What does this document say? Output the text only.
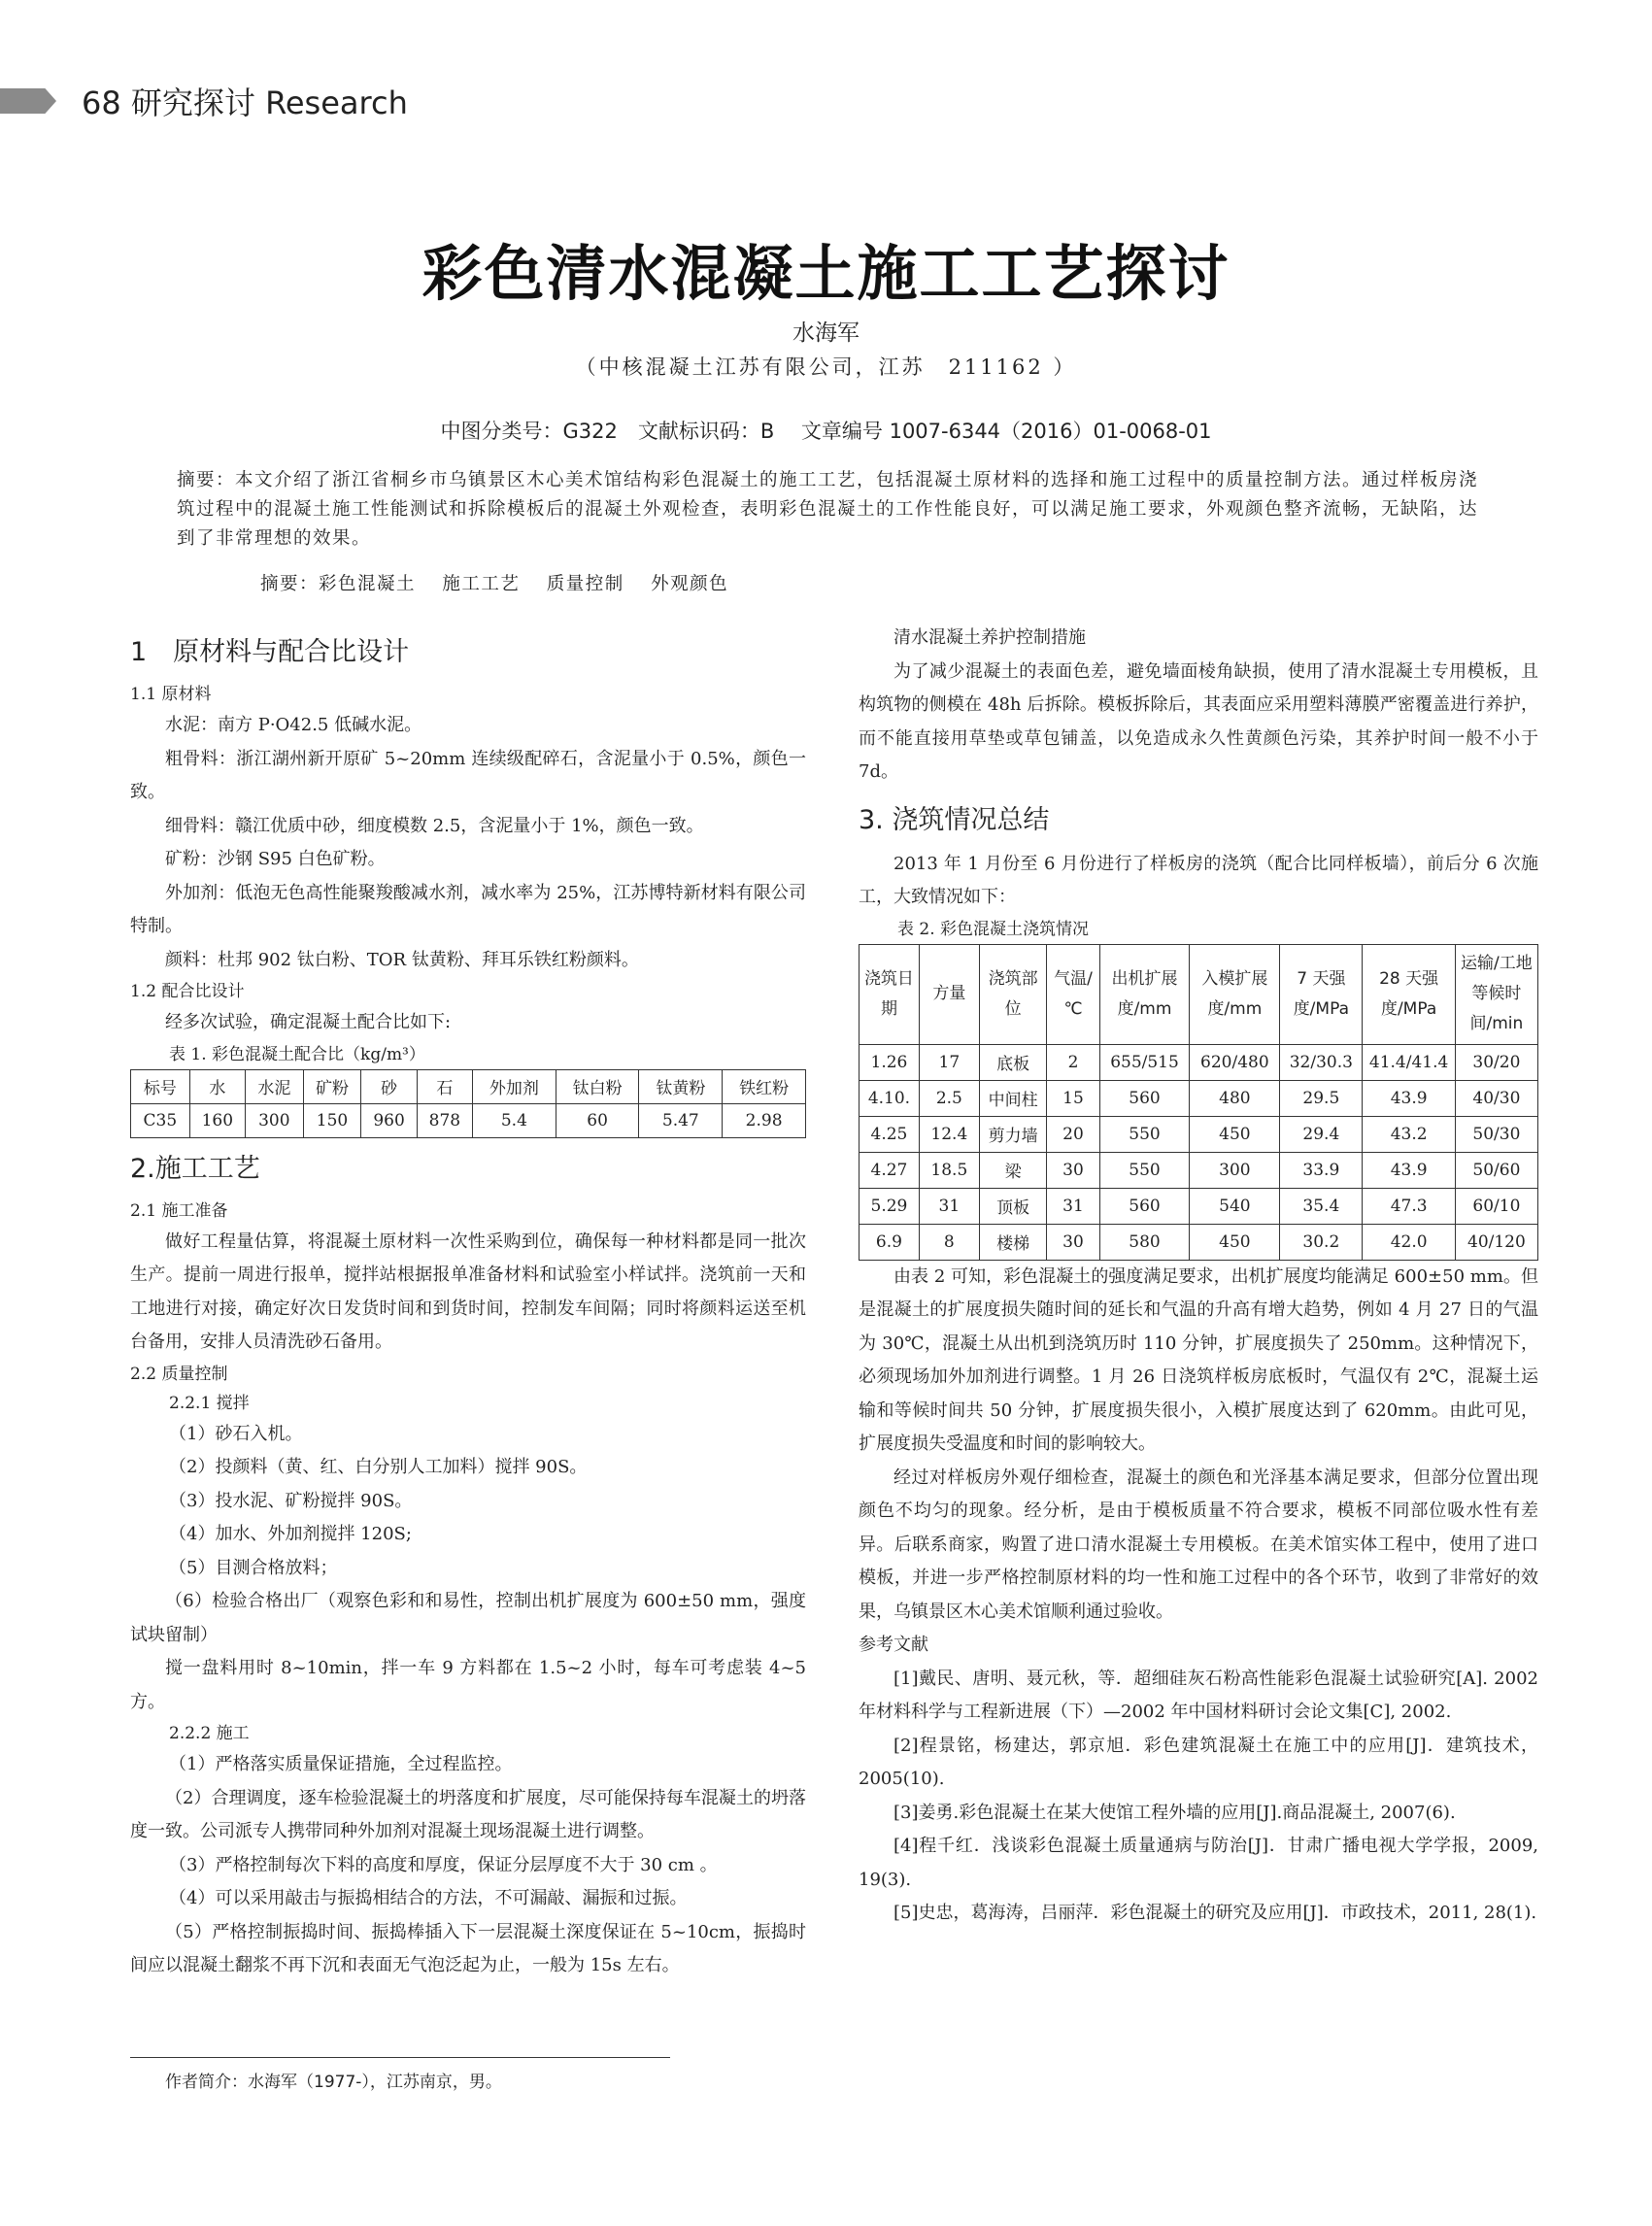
68 研究探讨 Research
彩色清水混凝土施工工艺探讨
水海军
（中核混凝土江苏有限公司，江苏　211162 ）
中图分类号：G322　文献标识码：B　 文章编号 1007-6344（2016）01-0068-01

摘要：本文介绍了浙江省桐乡市乌镇景区木心美术馆结构彩色混凝土的施工工艺，包括混凝土原材料的选择和施工过程中的质量控制方法。通过样板房浇筑过程中的混凝土施工性能测试和拆除模板后的混凝土外观检查，表明彩色混凝土的工作性能良好，可以满足施工要求，外观颜色整齐流畅，无缺陷，达到了非常理想的效果。

摘要：彩色混凝土　 施工工艺　 质量控制　 外观颜色
1　原材料与配合比设计
1.1 原材料

水泥：南方 P·O42.5 低碱水泥。

粗骨料：浙江湖州新开原矿 5~20mm 连续级配碎石，含泥量小于 0.5%，颜色一致。

细骨料：赣江优质中砂，细度模数 2.5，含泥量小于 1%，颜色一致。

矿粉：沙钢 S95 白色矿粉。

外加剂：低泡无色高性能聚羧酸减水剂，减水率为 25%，江苏博特新材料有限公司特制。

颜料：杜邦 902 钛白粉、TOR 钛黄粉、拜耳乐铁红粉颜料。

1.2 配合比设计

经多次试验，确定混凝土配合比如下:

表 1. 彩色混凝土配合比（kg/m³）
标号	水	水泥	矿粉	砂	石	外加剂	钛白粉	钛黄粉	铁红粉
C35	160	300	150	960	878	5.4	60	5.47	2.98
2.施工工艺
2.1 施工准备

做好工程量估算，将混凝土原材料一次性采购到位，确保每一种材料都是同一批次生产。提前一周进行报单，搅拌站根据报单准备材料和试验室小样试拌。浇筑前一天和工地进行对接，确定好次日发货时间和到货时间，控制发车间隔；同时将颜料运送至机台备用，安排人员清洗砂石备用。

2.2 质量控制
2.2.1 搅拌

（1）砂石入机。

（2）投颜料（黄、红、白分别人工加料）搅拌 90S。

（3）投水泥、矿粉搅拌 90S。

（4）加水、外加剂搅拌 120S;

（5）目测合格放料；

（6）检验合格出厂（观察色彩和和易性，控制出机扩展度为 600±50 mm，强度试块留制）

搅一盘料用时 8~10min，拌一车 9 方料都在 1.5~2 小时，每车可考虑装 4~5 方。

2.2.2 施工

（1）严格落实质量保证措施，全过程监控。

（2）合理调度，逐车检验混凝土的坍落度和扩展度，尽可能保持每车混凝土的坍落度一致。公司派专人携带同种外加剂对混凝土现场混凝土进行调整。

（3）严格控制每次下料的高度和厚度，保证分层厚度不大于 30 cm 。

（4）可以采用敲击与振捣相结合的方法，不可漏敲、漏振和过振。

（5）严格控制振捣时间、振捣棒插入下一层混凝土深度保证在 5~10cm，振捣时间应以混凝土翻浆不再下沉和表面无气泡泛起为止，一般为 15s 左右。

清水混凝土养护控制措施

为了减少混凝土的表面色差，避免墙面棱角缺损，使用了清水混凝土专用模板，且构筑物的侧模在 48h 后拆除。模板拆除后，其表面应采用塑料薄膜严密覆盖进行养护，而不能直接用草垫或草包铺盖，以免造成永久性黄颜色污染，其养护时间一般不小于 7d。

3. 浇筑情况总结

2013 年 1 月份至 6 月份进行了样板房的浇筑（配合比同样板墙），前后分 6 次施工，大致情况如下：

表 2. 彩色混凝土浇筑情况
浇筑日期	方量	浇筑部位	气温/℃	出机扩展度/mm	入模扩展度/mm	7 天强度/MPa	28 天强度/MPa	运输/工地等候时间/min
1.26	17	底板	2	655/515	620/480	32/30.3	41.4/41.4	30/20
4.10.	2.5	中间柱	15	560	480	29.5	43.9	40/30
4.25	12.4	剪力墙	20	550	450	29.4	43.2	50/30
4.27	18.5	梁	30	550	300	33.9	43.9	50/60
5.29	31	顶板	31	560	540	35.4	47.3	60/10
6.9	8	楼梯	30	580	450	30.2	42.0	40/120

由表 2 可知，彩色混凝土的强度满足要求，出机扩展度均能满足 600±50 mm。但是混凝土的扩展度损失随时间的延长和气温的升高有增大趋势，例如 4 月 27 日的气温为 30℃，混凝土从出机到浇筑历时 110 分钟，扩展度损失了 250mm。这种情况下，必须现场加外加剂进行调整。1 月 26 日浇筑样板房底板时，气温仅有 2℃，混凝土运输和等候时间共 50 分钟，扩展度损失很小，入模扩展度达到了 620mm。由此可见，扩展度损失受温度和时间的影响较大。

经过对样板房外观仔细检查，混凝土的颜色和光泽基本满足要求，但部分位置出现颜色不均匀的现象。经分析，是由于模板质量不符合要求，模板不同部位吸水性有差异。后联系商家，购置了进口清水混凝土专用模板。在美术馆实体工程中，使用了进口模板，并进一步严格控制原材料的均一性和施工过程中的各个环节，收到了非常好的效果，乌镇景区木心美术馆顺利通过验收。

参考文献

[1]戴民、唐明、聂元秋，等．超细硅灰石粉高性能彩色混凝土试验研究[A]. 2002 年材料科学与工程新进展（下）—2002 年中国材料研讨会论文集[C], 2002.

[2]程景铭，杨建达，郭京旭．彩色建筑混凝土在施工中的应用[J]．建筑技术，2005(10).

[3]姜勇.彩色混凝土在某大使馆工程外墙的应用[J].商品混凝土, 2007(6).

[4]程千红．浅谈彩色混凝土质量通病与防治[J]．甘肃广播电视大学学报，2009, 19(3).

[5]史忠，葛海涛，吕丽萍．彩色混凝土的研究及应用[J]．市政技术，2011, 28(1).

作者简介：水海军（1977-），江苏南京，男。
